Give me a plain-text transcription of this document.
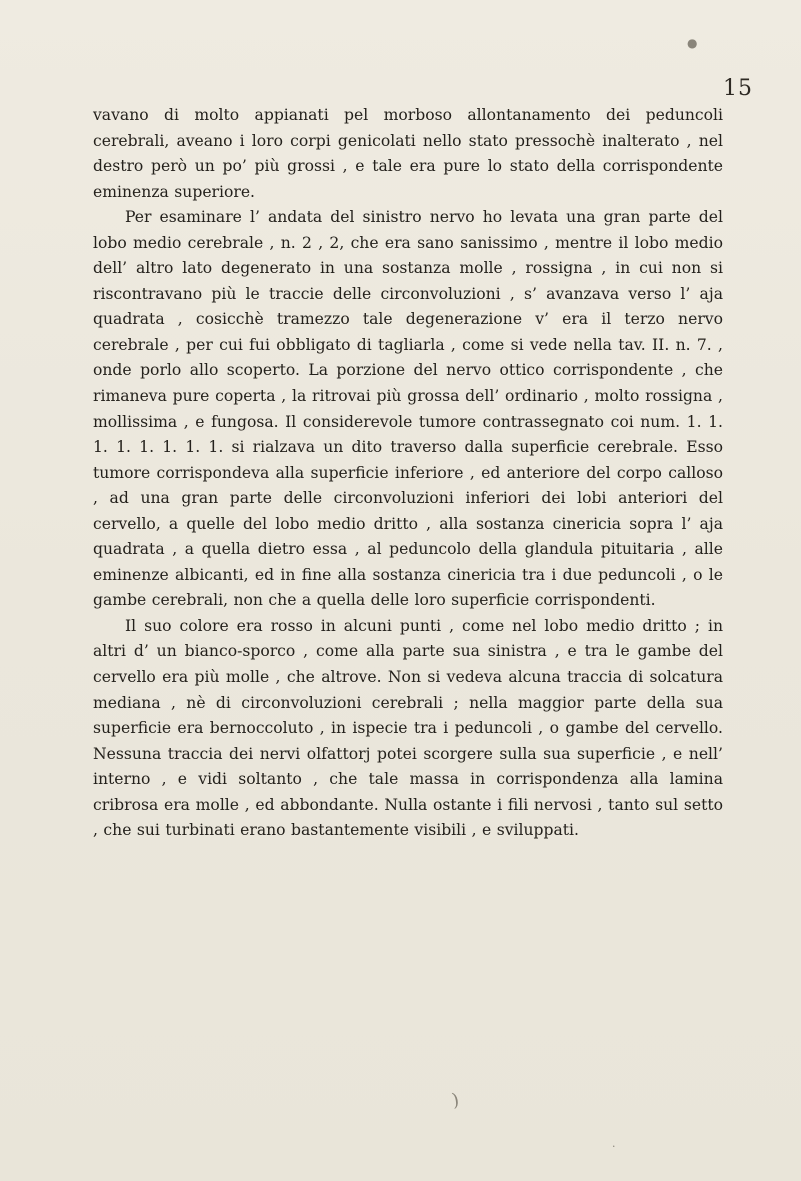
●
15

vavano di molto appianati pel morboso allontanamento dei peduncoli cerebrali, aveano i loro corpi genicolati nello stato pressochè inalterato , nel destro però un po’ più grossi , e tale era pure lo stato della corrispondente eminenza superiore.

Per esaminare l’ andata del sinistro nervo ho levata una gran parte del lobo medio cerebrale , n. 2 , 2, che era sano sanissimo , mentre il lobo medio dell’ altro lato degenerato in una sostanza molle , rossigna , in cui non si riscontravano più le traccie delle circonvoluzioni , s’ avanzava verso l’ aja quadrata , cosicchè tramezzo tale degenerazione v’ era il terzo nervo cerebrale , per cui fui obbligato di tagliarla , come si vede nella tav. II. n. 7. , onde porlo allo scoperto. La porzione del nervo ottico corrispondente , che rimaneva pure coperta , la ritrovai più grossa dell’ ordinario , molto rossigna , mollissima , e fungosa. Il considerevole tumore contrassegnato coi num. 1. 1. 1. 1. 1. 1. 1. 1. si rialzava un dito traverso dalla superficie cerebrale. Esso tumore corrispondeva alla superficie inferiore , ed anteriore del corpo calloso , ad una gran parte delle circonvoluzioni inferiori dei lobi anteriori del cervello, a quelle del lobo medio dritto , alla sostanza cinericia sopra l’ aja quadrata , a quella dietro essa , al peduncolo della glandula pituitaria , alle eminenze albicanti, ed in fine alla sostanza cinericia tra i due peduncoli , o le gambe cerebrali, non che a quella delle loro superficie corrispondenti.

Il suo colore era rosso in alcuni punti , come nel lobo medio dritto ; in altri d’ un bianco-sporco , come alla parte sua sinistra , e tra le gambe del cervello era più molle , che altrove. Non si vedeva alcuna traccia di solcatura mediana , nè di circonvoluzioni cerebrali ; nella maggior parte della sua superficie era bernoccoluto , in ispecie tra i peduncoli , o gambe del cervello. Nessuna traccia dei nervi olfattorj potei scorgere sulla sua superficie , e nell’ interno , e vidi soltanto , che tale massa in corrispondenza alla lamina cribrosa era molle , ed abbondante. Nulla ostante i fili nervosi , tanto sul setto , che sui turbinati erano bastantemente visibili , e sviluppati.

)
·
